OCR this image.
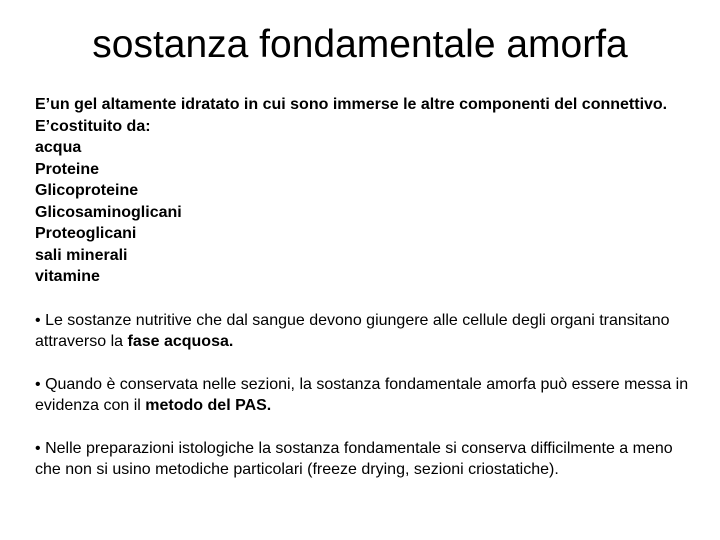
sostanza fondamentale amorfa

E’un gel altamente idratato in cui sono immerse le altre componenti del connettivo. E’costituito da:

acqua
Proteine
Glicoproteine
Glicosaminoglicani
Proteoglicani
sali minerali
vitamine

• Le sostanze nutritive che dal sangue devono giungere alle cellule degli organi transitano attraverso la fase acquosa.

• Quando è conservata nelle sezioni, la sostanza fondamentale amorfa può essere messa in evidenza con il metodo del PAS.

• Nelle preparazioni istologiche la sostanza fondamentale si conserva difficilmente a meno che non si usino metodiche particolari (freeze drying, sezioni criostatiche).
